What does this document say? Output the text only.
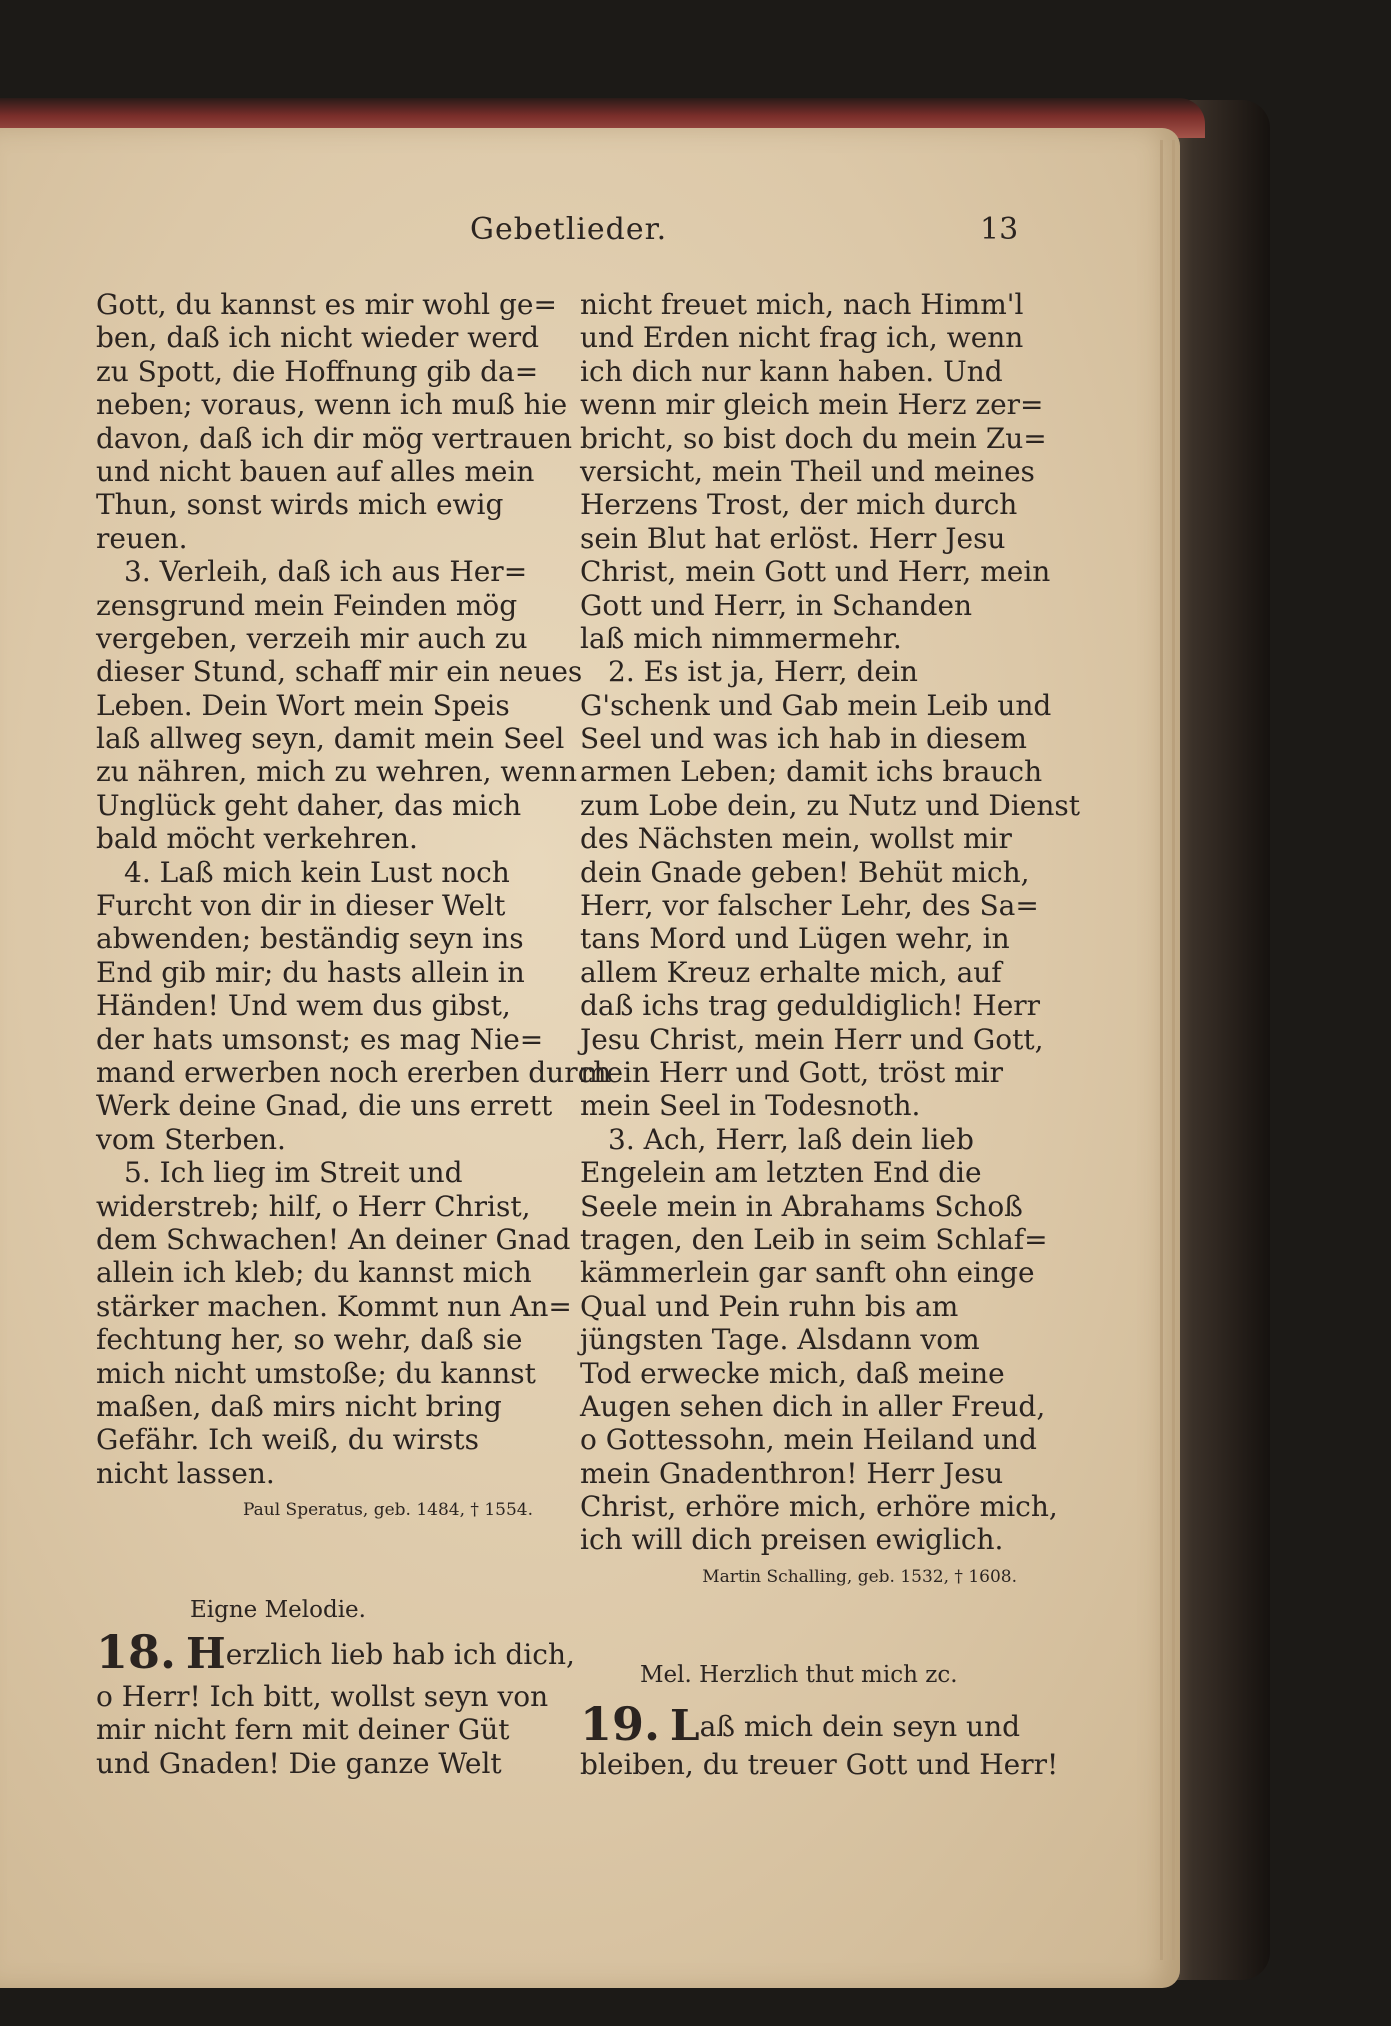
Gebetlieder.	13
Gott, du kannst es mir wohl ge=
ben, daß ich nicht wieder werd
zu Spott, die Hoffnung gib da=
neben; voraus, wenn ich muß hie
davon, daß ich dir mög vertrauen
und nicht bauen auf alles mein
Thun, sonst wirds mich ewig
reuen.
3. Verleih, daß ich aus Her=
zensgrund mein Feinden mög
vergeben, verzeih mir auch zu
dieser Stund, schaff mir ein neues
Leben. Dein Wort mein Speis
laß allweg seyn, damit mein Seel
zu nähren, mich zu wehren, wenn
Unglück geht daher, das mich
bald möcht verkehren.
4. Laß mich kein Lust noch
Furcht von dir in dieser Welt
abwenden; beständig seyn ins
End gib mir; du hasts allein in
Händen! Und wem dus gibst,
der hats umsonst; es mag Nie=
mand erwerben noch ererben durch
Werk deine Gnad, die uns errett
vom Sterben.
5. Ich lieg im Streit und
widerstreb; hilf, o Herr Christ,
dem Schwachen! An deiner Gnad
allein ich kleb; du kannst mich
stärker machen. Kommt nun An=
fechtung her, so wehr, daß sie
mich nicht umstoße; du kannst
maßen, daß mirs nicht bring
Gefähr. Ich weiß, du wirsts
nicht lassen.
Paul Speratus, geb. 1484, † 1554.
Eigne Melodie.
18. Herzlich lieb hab ich dich,
o Herr! Ich bitt, wollst seyn von
mir nicht fern mit deiner Güt
und Gnaden! Die ganze Welt
nicht freuet mich, nach Himm'l
und Erden nicht frag ich, wenn
ich dich nur kann haben. Und
wenn mir gleich mein Herz zer=
bricht, so bist doch du mein Zu=
versicht, mein Theil und meines
Herzens Trost, der mich durch
sein Blut hat erlöst. Herr Jesu
Christ, mein Gott und Herr, mein
Gott und Herr, in Schanden
laß mich nimmermehr.
2. Es ist ja, Herr, dein
G'schenk und Gab mein Leib und
Seel und was ich hab in diesem
armen Leben; damit ichs brauch
zum Lobe dein, zu Nutz und Dienst
des Nächsten mein, wollst mir
dein Gnade geben! Behüt mich,
Herr, vor falscher Lehr, des Sa=
tans Mord und Lügen wehr, in
allem Kreuz erhalte mich, auf
daß ichs trag geduldiglich! Herr
Jesu Christ, mein Herr und Gott,
mein Herr und Gott, tröst mir
mein Seel in Todesnoth.
3. Ach, Herr, laß dein lieb
Engelein am letzten End die
Seele mein in Abrahams Schoß
tragen, den Leib in seim Schlaf=
kämmerlein gar sanft ohn einge
Qual und Pein ruhn bis am
jüngsten Tage. Alsdann vom
Tod erwecke mich, daß meine
Augen sehen dich in aller Freud,
o Gottessohn, mein Heiland und
mein Gnadenthron! Herr Jesu
Christ, erhöre mich, erhöre mich,
ich will dich preisen ewiglich.
Martin Schalling, geb. 1532, † 1608.
Mel. Herzlich thut mich zc.
19. Laß mich dein seyn und
bleiben, du treuer Gott und Herr!
